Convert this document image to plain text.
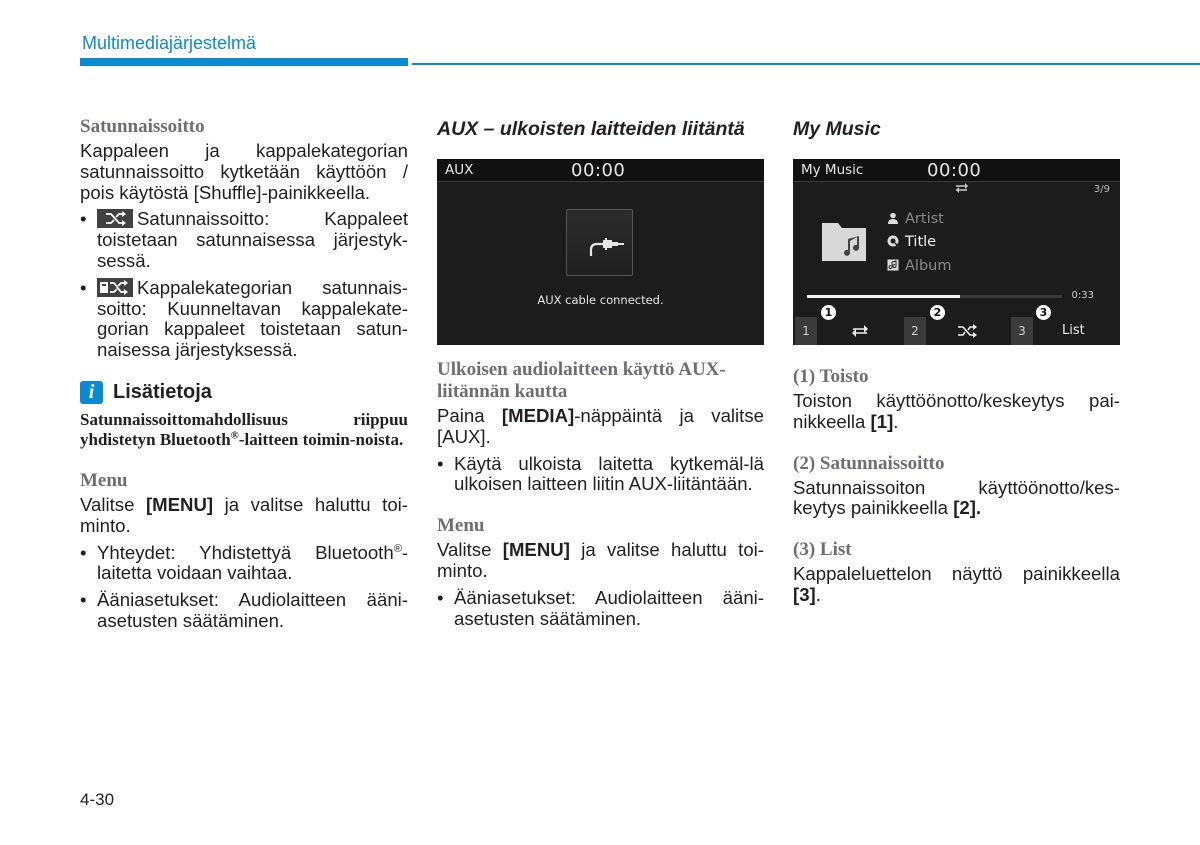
Multimediajärjestelmä
Satunnaissoitto
Kappaleen ja kappalekategorian satunnaissoitto kytketään käyttöön / pois käytöstä [Shuffle]-painikkeella.
•	Satunnaissoitto: Kappaleet toistetaan satunnaisessa järjestyk-sessä.
•	Kappalekategorian satunnais-soitto: Kuunneltavan kappalekate-gorian kappaleet toistetaan satun-naisessa järjestyksessä.
i Lisätietoja
Satunnaissoittomahdollisuus riippuu yhdistetyn Bluetooth®-laitteen toimin-noista.
Menu
Valitse [MENU] ja valitse haluttu toi-minto.
• Yhteydet: Yhdistettyä Bluetooth®-laitetta voidaan vaihtaa.
• Ääniasetukset: Audiolaitteen ääni-asetusten säätäminen.
AUX – ulkoisten laitteiden liitäntä
AUX	00:00
AUX cable connected.
Ulkoisen audiolaitteen käyttö AUX-liitännän kautta
Paina [MEDIA]-näppäintä ja valitse [AUX].
• Käytä ulkoista laitetta kytkemäl-lä ulkoisen laitteen liitin AUX-liitäntään.
Menu
Valitse [MENU] ja valitse haluttu toi-minto.
• Ääniasetukset: Audiolaitteen ääni-asetusten säätäminen.
My Music
My Music	00:00
3/9
Artist
Title
Album
0:33
1	2	3	List
1	2	3
(1) Toisto
Toiston käyttöönotto/keskeytys pai-nikkeella [1].
(2) Satunnaissoitto
Satunnaissoiton käyttöönotto/kes-keytys painikkeella [2].
(3) List
Kappaleluettelon näyttö painikkeella [3].
4-30
